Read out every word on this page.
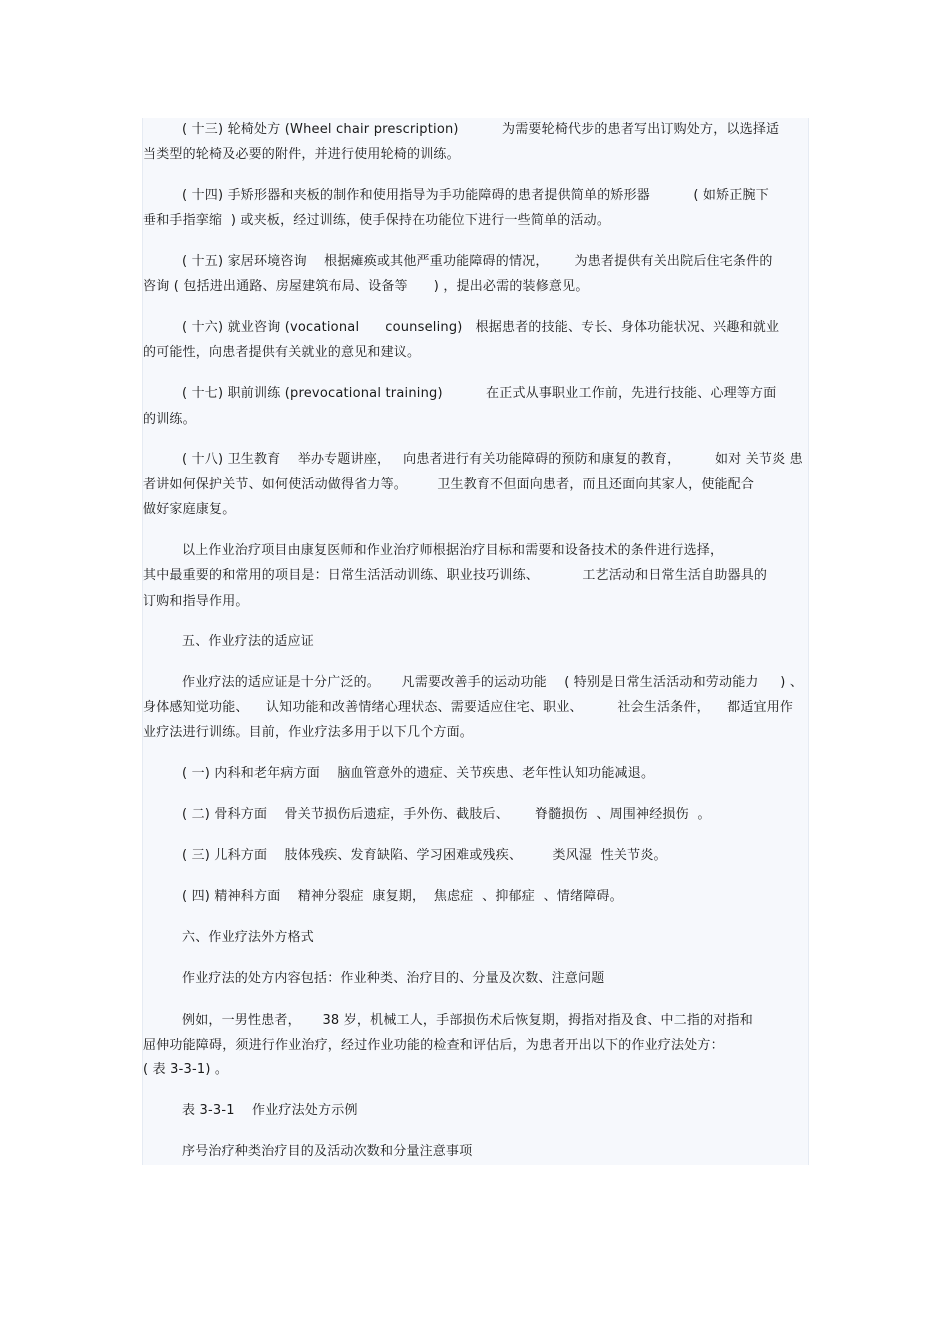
( 十三) 轮椅处方 (Wheel chair prescription)          为需要轮椅代步的患者写出订购处方，以选择适
当类型的轮椅及必要的附件，并进行使用轮椅的训练。
( 十四) 手矫形器和夹板的制作和使用指导为手功能障碍的患者提供简单的矫形器          ( 如矫正腕下
垂和手指挛缩  ) 或夹板，经过训练，使手保持在功能位下进行一些简单的活动。
( 十五) 家居环境咨询    根据瘫痪或其他严重功能障碍的情况，      为患者提供有关出院后住宅条件的
咨询 ( 包括进出通路、房屋建筑布局、设备等      ) ，提出必需的装修意见。
( 十六) 就业咨询 (vocational      counseling)   根据患者的技能、专长、身体功能状况、兴趣和就业
的可能性，向患者提供有关就业的意见和建议。
( 十七) 职前训练 (prevocational training)          在正式从事职业工作前，先进行技能、心理等方面
的训练。
( 十八) 卫生教育    举办专题讲座，   向患者进行有关功能障碍的预防和康复的教育，        如对 关节炎 患
者讲如何保护关节、如何使活动做得省力等。       卫生教育不但面向患者，而且还面向其家人，使能配合
做好家庭康复。
以上作业治疗项目由康复医师和作业治疗师根据治疗目标和需要和设备技术的条件进行选择，
其中最重要的和常用的项目是：日常生活活动训练、职业技巧训练、          工艺活动和日常生活自助器具的
订购和指导作用。
五、作业疗法的适应证
作业疗法的适应证是十分广泛的。     凡需要改善手的运动功能    ( 特别是日常生活活动和劳动能力     ) 、
身体感知觉功能、    认知功能和改善情绪心理状态、需要适应住宅、职业、        社会生活条件，    都适宜用作
业疗法进行训练。目前，作业疗法多用于以下几个方面。
( 一) 内科和老年病方面    脑血管意外的遗症、关节疾患、老年性认知功能减退。
( 二) 骨科方面    骨关节损伤后遗症，手外伤、截肢后、      脊髓损伤  、周围神经损伤  。
( 三) 儿科方面    肢体残疾、发育缺陷、学习困难或残疾、       类风湿  性关节炎。
( 四) 精神科方面    精神分裂症  康复期，  焦虑症  、抑郁症  、情绪障碍。
六、作业疗法外方格式
作业疗法的处方内容包括：作业种类、治疗目的、分量及次数、注意问题
例如，一男性患者，     38 岁，机械工人，手部损伤术后恢复期，拇指对指及食、中二指的对指和
屈伸功能障碍，须进行作业治疗，经过作业功能的检查和评估后，为患者开出以下的作业疗法处方：
( 表 3-3-1) 。
表 3-3-1    作业疗法处方示例
序号治疗种类治疗目的及活动次数和分量注意事项
